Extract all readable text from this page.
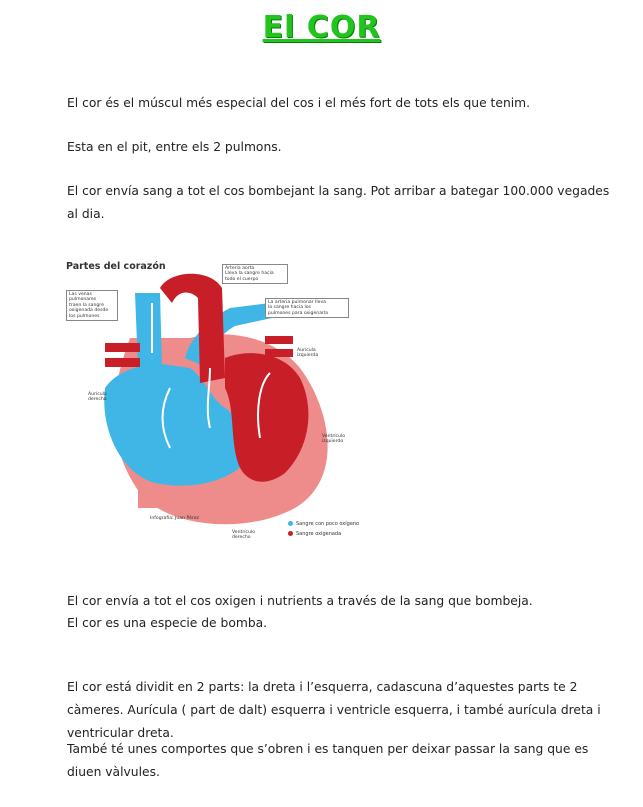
El COR

El cor és el múscul més especial del cos i el més fort de tots els que tenim.

Esta en el pit, entre els 2 pulmons.

El cor envía sang a tot el cos bombejant la sang. Pot arribar a bategar 100.000 vegades al dia.

Partes del corazón	Arteria aorta
Lleva la sangre hacia
todo el cuerpo
Las venas
pulmonares
traen la sangre
oxigenada desde
los pulmones
La arteria pulmonar lleva
la sangre hacia los
pulmones para oxigenarla
Aurícula
izquierda
Aurícula
derecha
Ventrículo
izquierdo
Ventrículo
derecho
Infografía: Juan Pérez
Sangre con poco oxígeno
Sangre oxigenada

El cor envía a tot el cos oxigen i nutrients a través de la sang que bombeja.

El cor es una especie de bomba.

El cor está dividit en 2 parts: la dreta i l’esquerra, cadascuna d’aquestes parts te 2 càmeres. Aurícula ( part de dalt) esquerra i ventricle esquerra, i també aurícula dreta i ventricular dreta.

També té unes comportes que s’obren i es tanquen per deixar passar la sang que es diuen vàlvules.
